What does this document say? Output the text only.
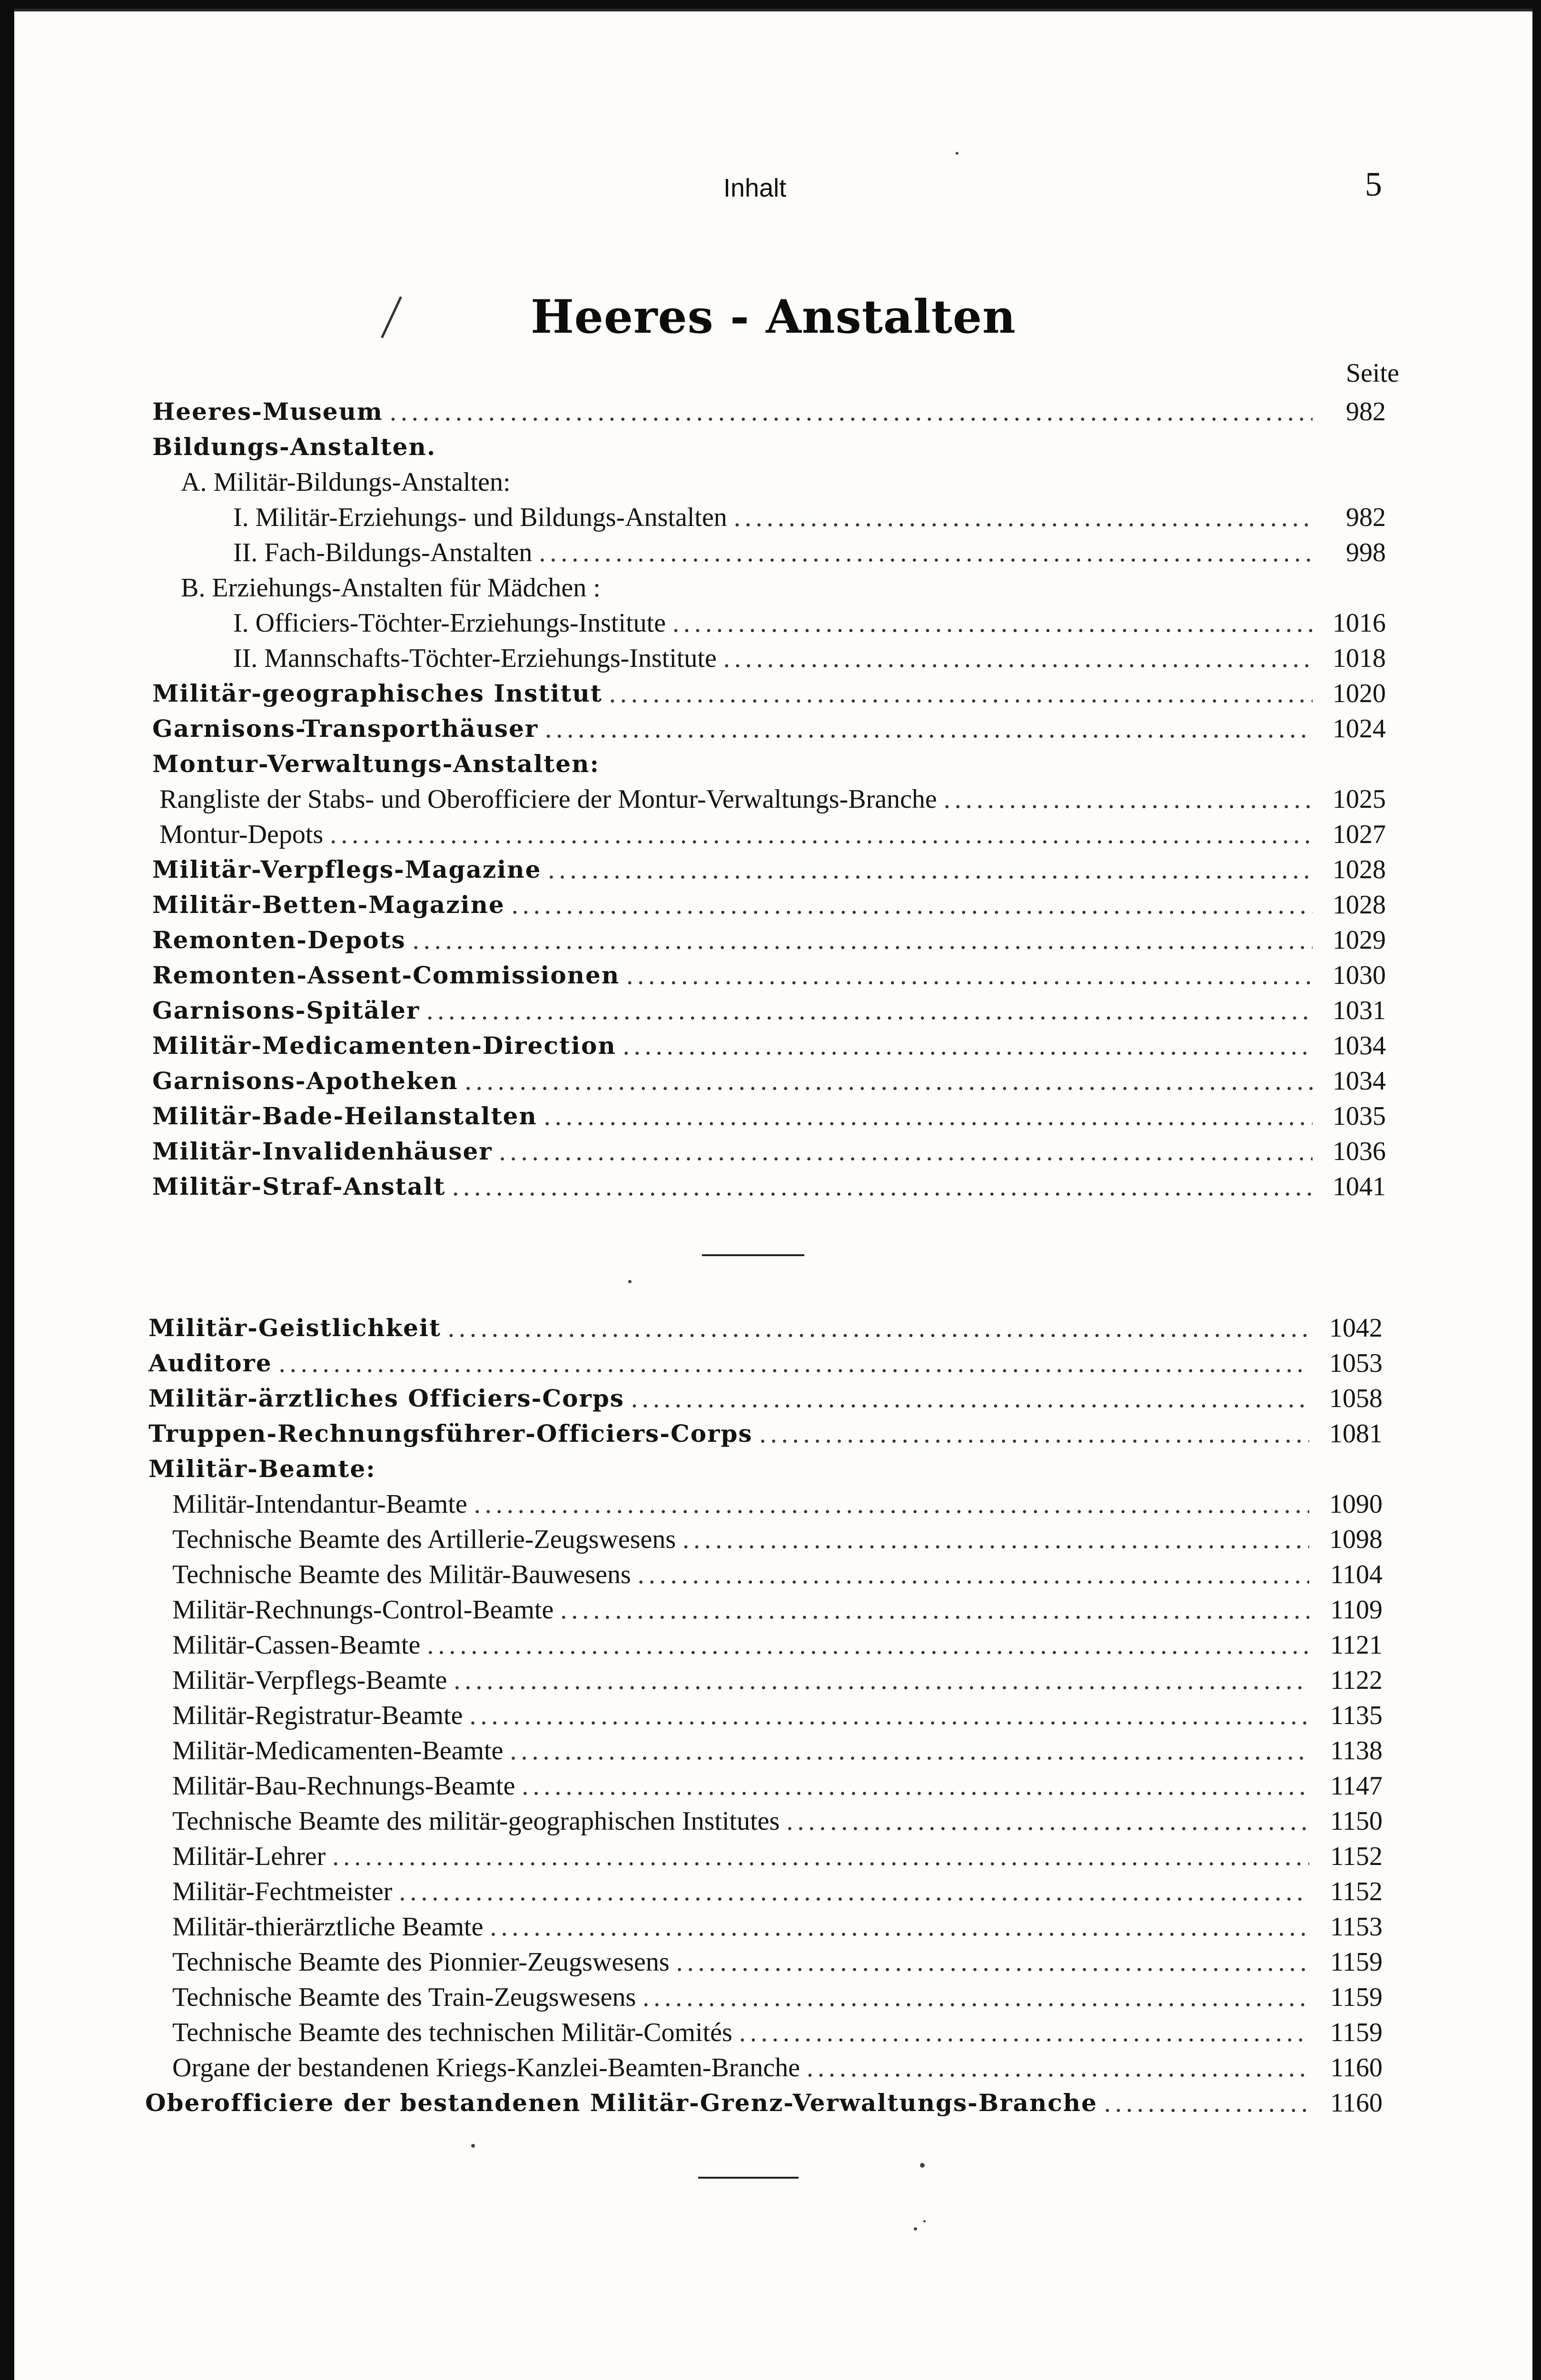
Inhalt	5
Heeres - Anstalten
Seite
Heeres-Museum .....	982
Bildungs-Anstalten.
A. Militär-Bildungs-Anstalten:
I. Militär-Erziehungs- und Bildungs-Anstalten .....	982
II. Fach-Bildungs-Anstalten .....	998
B. Erziehungs-Anstalten für Mädchen :
I. Officiers-Töchter-Erziehungs-Institute .....	1016
II. Mannschafts-Töchter-Erziehungs-Institute .....	1018
Militär-geographisches Institut .....	1020
Garnisons-Transporthäuser .....	1024
Montur-Verwaltungs-Anstalten:
Rangliste der Stabs- und Oberofficiere der Montur-Verwaltungs-Branche .....	1025
Montur-Depots .....	1027
Militär-Verpflegs-Magazine .....	1028
Militär-Betten-Magazine .....	1028
Remonten-Depots .....	1029
Remonten-Assent-Commissionen .....	1030
Garnisons-Spitäler .....	1031
Militär-Medicamenten-Direction .....	1034
Garnisons-Apotheken .....	1034
Militär-Bade-Heilanstalten .....	1035
Militär-Invalidenhäuser .....	1036
Militär-Straf-Anstalt .....	1041
Militär-Geistlichkeit .....	1042
Auditore .....	1053
Militär-ärztliches Officiers-Corps .....	1058
Truppen-Rechnungsführer-Officiers-Corps .....	1081
Militär-Beamte:
Militär-Intendantur-Beamte .....	1090
Technische Beamte des Artillerie-Zeugswesens .....	1098
Technische Beamte des Militär-Bauwesens .....	1104
Militär-Rechnungs-Control-Beamte .....	1109
Militär-Cassen-Beamte .....	1121
Militär-Verpflegs-Beamte .....	1122
Militär-Registratur-Beamte .....	1135
Militär-Medicamenten-Beamte .....	1138
Militär-Bau-Rechnungs-Beamte .....	1147
Technische Beamte des militär-geographischen Institutes .....	1150
Militär-Lehrer .....	1152
Militär-Fechtmeister .....	1152
Militär-thierärztliche Beamte .....	1153
Technische Beamte des Pionnier-Zeugswesens .....	1159
Technische Beamte des Train-Zeugswesens .....	1159
Technische Beamte des technischen Militär-Comités .....	1159
Organe der bestandenen Kriegs-Kanzlei-Beamten-Branche .....	1160
Oberofficiere der bestandenen Militär-Grenz-Verwaltungs-Branche .....	1160
